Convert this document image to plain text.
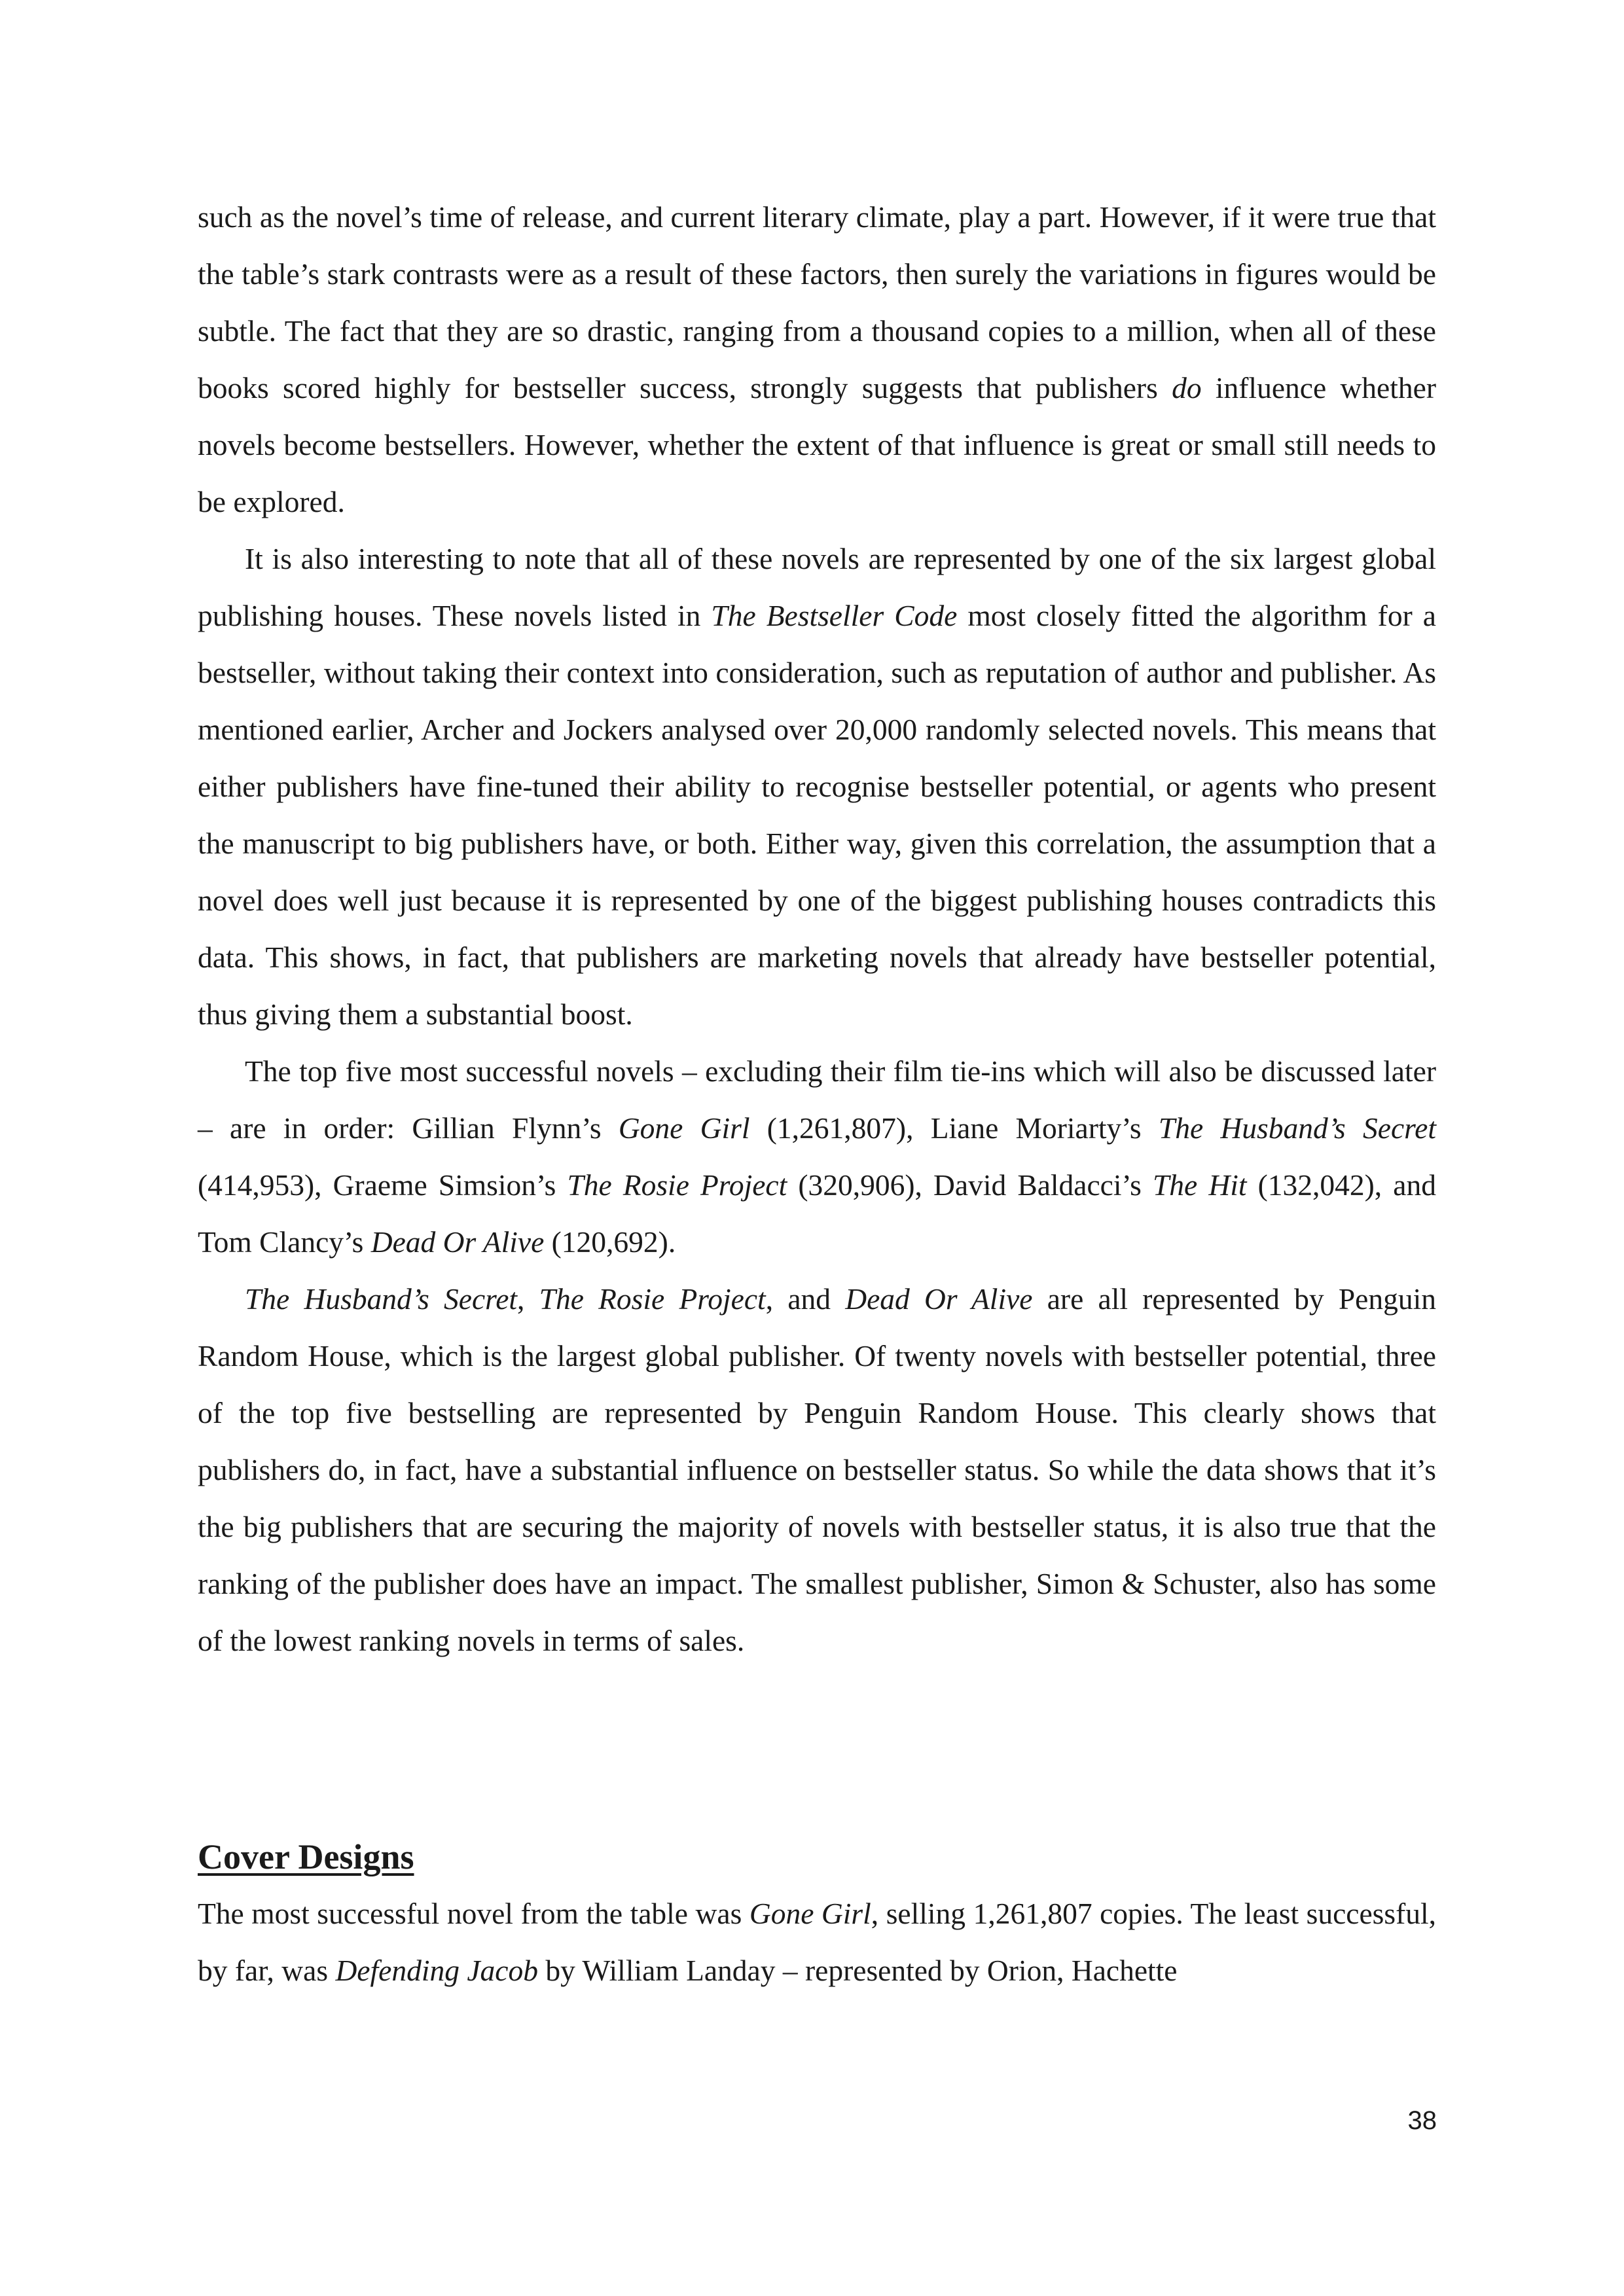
such as the novel’s time of release, and current literary climate, play a part. However, if it were true that the table’s stark contrasts were as a result of these factors, then surely the variations in figures would be subtle. The fact that they are so drastic, ranging from a thousand copies to a million, when all of these books scored highly for bestseller success, strongly suggests that publishers do influence whether novels become bestsellers. However, whether the extent of that influence is great or small still needs to be explored.

It is also interesting to note that all of these novels are represented by one of the six largest global publishing houses. These novels listed in The Bestseller Code most closely fitted the algorithm for a bestseller, without taking their context into consideration, such as reputation of author and publisher. As mentioned earlier, Archer and Jockers analysed over 20,000 randomly selected novels. This means that either publishers have fine-tuned their ability to recognise bestseller potential, or agents who present the manuscript to big publishers have, or both. Either way, given this correlation, the assumption that a novel does well just because it is represented by one of the biggest publishing houses contradicts this data. This shows, in fact, that publishers are marketing novels that already have bestseller potential, thus giving them a substantial boost.

The top five most successful novels – excluding their film tie-ins which will also be discussed later – are in order: Gillian Flynn’s Gone Girl (1,261,807), Liane Moriarty’s The Husband’s Secret (414,953), Graeme Simsion’s The Rosie Project (320,906), David Baldacci’s The Hit (132,042), and Tom Clancy’s Dead Or Alive (120,692).

The Husband’s Secret, The Rosie Project, and Dead Or Alive are all represented by Penguin Random House, which is the largest global publisher. Of twenty novels with bestseller potential, three of the top five bestselling are represented by Penguin Random House. This clearly shows that publishers do, in fact, have a substantial influence on bestseller status. So while the data shows that it’s the big publishers that are securing the majority of novels with bestseller status, it is also true that the ranking of the publisher does have an impact. The smallest publisher, Simon & Schuster, also has some of the lowest ranking novels in terms of sales.

Cover Designs

The most successful novel from the table was Gone Girl, selling 1,261,807 copies. The least successful, by far, was Defending Jacob by William Landay – represented by Orion, Hachette

38
